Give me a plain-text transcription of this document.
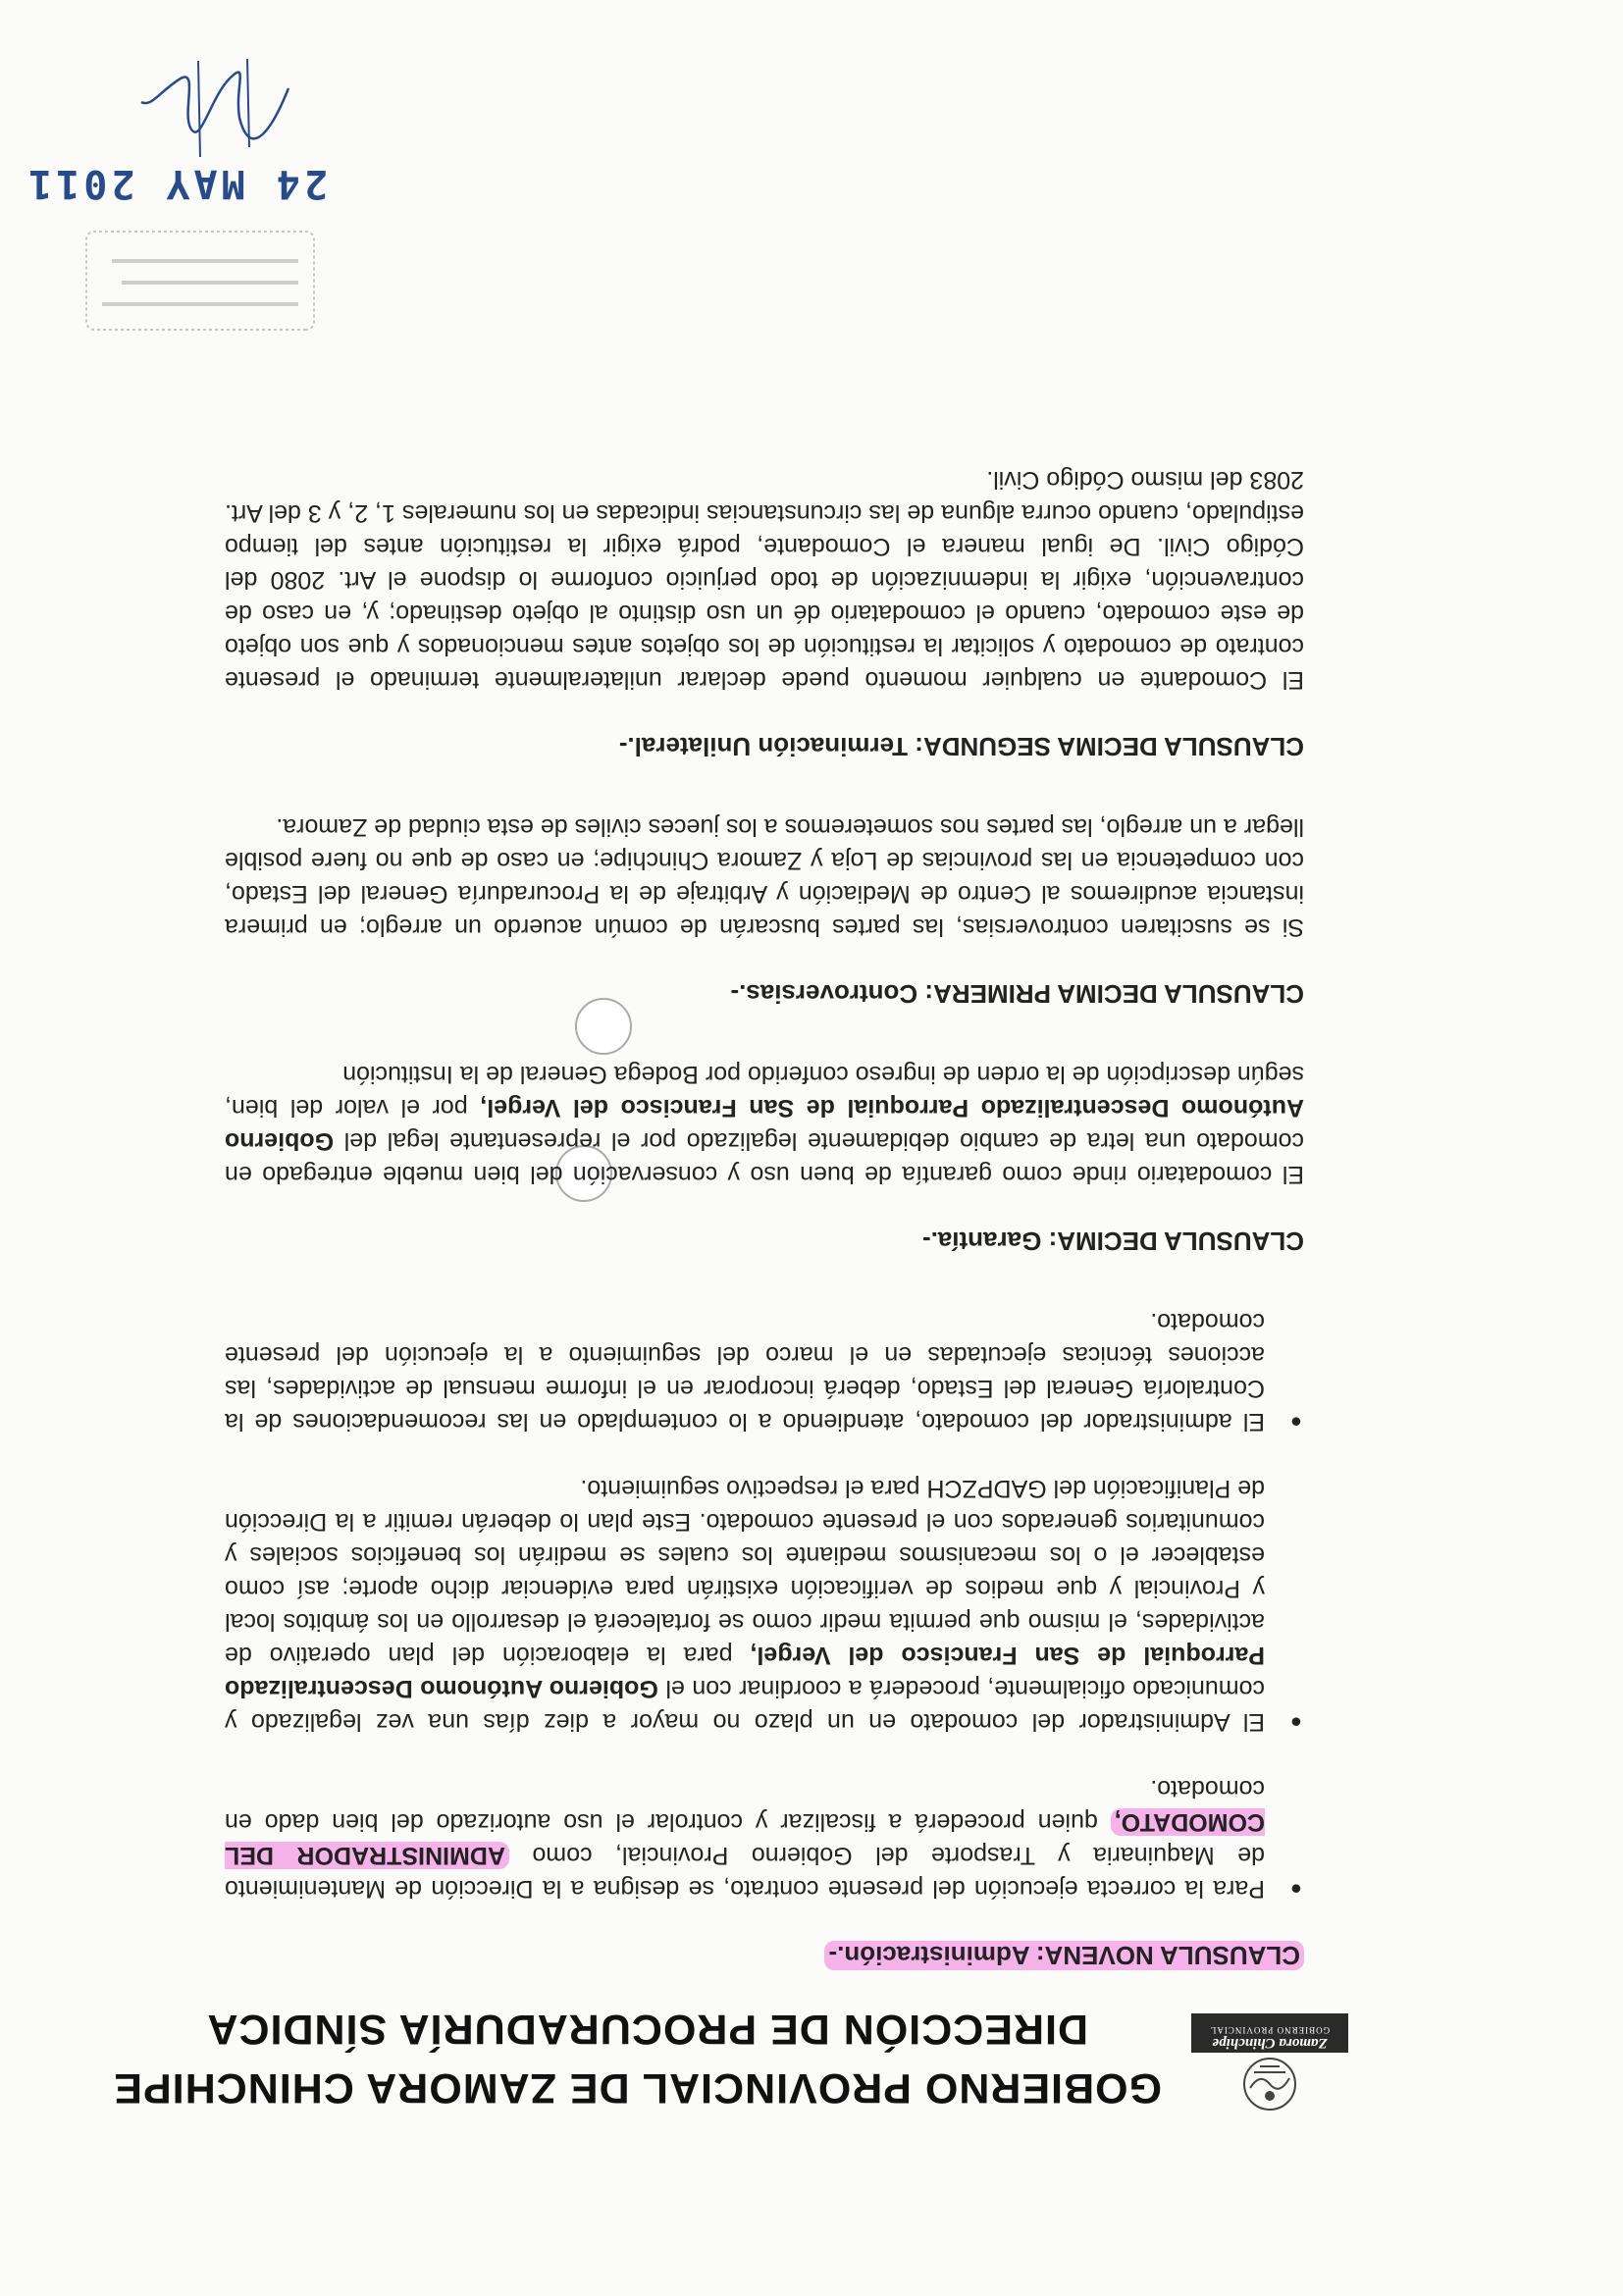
Zamora Chinchipe
GOBIERNO PROVINCIAL
GOBIERNO PROVINCIAL DE ZAMORA CHINCHIPE
DIRECCIÓN DE PROCURADURÍA SÍNDICA

CLAUSULA NOVENA: Administración.-

●
Para la correcta ejecución del presente contrato, se designa a la Dirección de Mantenimiento de Maquinaria y Trasporte del Gobierno Provincial, como ADMINISTRADOR DEL COMODATO, quien procederá a fiscalizar y controlar el uso autorizado del bien dado en comodato.
●
El Administrador del comodato en un plazo no mayor a diez días una vez legalizado y comunicado oficialmente, procederá a coordinar con el Gobierno Autónomo Descentralizado Parroquial de San Francisco del Vergel, para la elaboración del plan operativo de actividades, el mismo que permita medir como se fortalecerá el desarrollo en los ámbitos local y Provincial y que medios de verificación existirán para evidenciar dicho aporte; así como establecer el o los mecanismos mediante los cuales se medirán los beneficios sociales y comunitarios generados con el presente comodato. Este plan lo deberán remitir a la Dirección de Planificación del GADPZCH para el respectivo seguimiento.
●
El administrador del comodato, atendiendo a lo contemplado en las recomendaciones de la Contraloría General del Estado, deberá incorporar en el informe mensual de actividades, las acciones técnicas ejecutadas en el marco del seguimiento a la ejecución del presente comodato.

CLAUSULA DECIMA: Garantía.-

El comodatario rinde como garantía de buen uso y conservación del bien mueble entregado en comodato una letra de cambio debidamente legalizado por el representante legal del Gobierno Autónomo Descentralizado Parroquial de San Francisco del Vergel, por el valor del bien, según descripción de la orden de ingreso conferido por Bodega General de la Institución

CLAUSULA DECIMA PRIMERA: Controversias.-

Si se suscitaren controversias, las partes buscarán de común acuerdo un arreglo; en primera instancia acudiremos al Centro de Mediación y Arbitraje de la Procuraduría General del Estado, con competencia en las provincias de Loja y Zamora Chinchipe; en caso de que no fuere posible llegar a un arreglo, las partes nos someteremos a los jueces civiles de esta ciudad de Zamora.

CLAUSULA DECIMA SEGUNDA: Terminación Unilateral.-

El Comodante en cualquier momento puede declarar unilateralmente terminado el presente contrato de comodato y solicitar la restitución de los objetos antes mencionados y que son objeto de este comodato, cuando el comodatario dé un uso distinto al objeto destinado; y, en caso de contravención, exigir la indemnización de todo perjuicio conforme lo dispone el Art. 2080 del Código Civil. De igual manera el Comodante, podrá exigir la restitución antes del tiempo estipulado, cuando ocurra alguna de las circunstancias indicadas en los numerales 1, 2, y 3 del Art. 2083 del mismo Código Civil.

24 MAY 2011
